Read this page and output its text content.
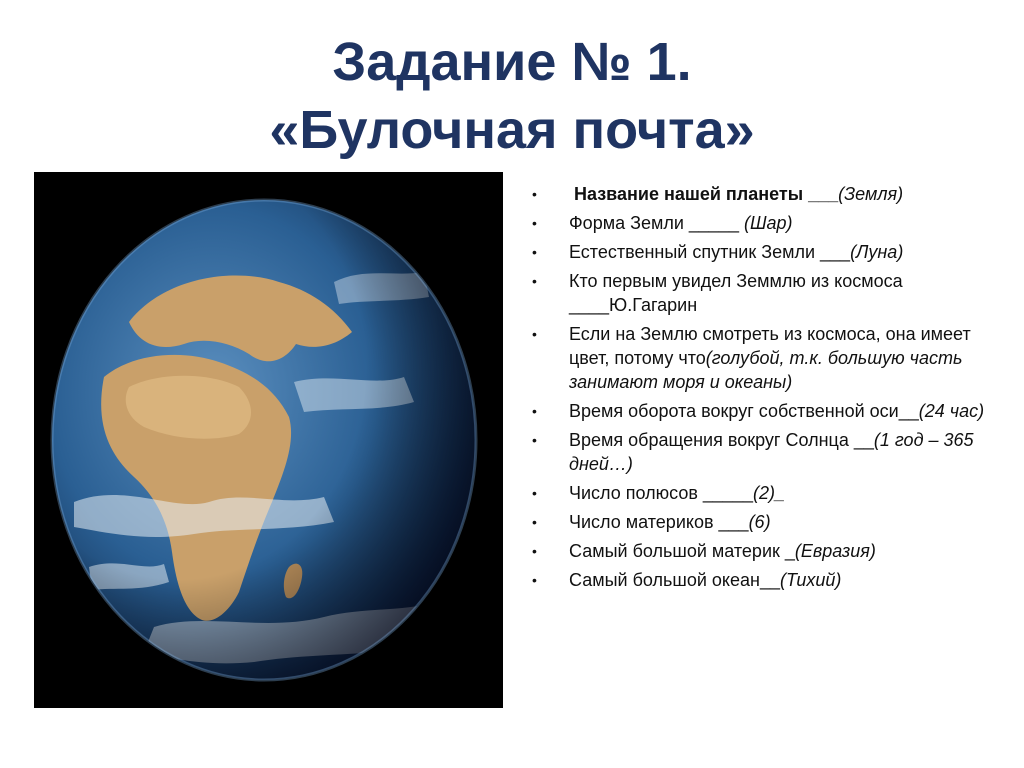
Задание № 1.
«Булочная почта»
• Название нашей планеты ___(Земля)
• Форма Земли _____ (Шар)
• Естественный спутник Земли ___(Луна)
• Кто первым увидел Земмлю из космоса ____Ю.Гагарин
• Если на Землю смотреть из космоса, она имеет цвет, потому что(голубой, т.к. большую часть занимают моря и океаны)
• Время оборота вокруг собственной оси__(24 час)
• Время обращения вокруг Солнца __(1 год – 365 дней…)
• Число полюсов _____(2)_
• Число материков ___(6)
• Самый большой материк _(Евразия)
• Самый большой океан__(Тихий)
